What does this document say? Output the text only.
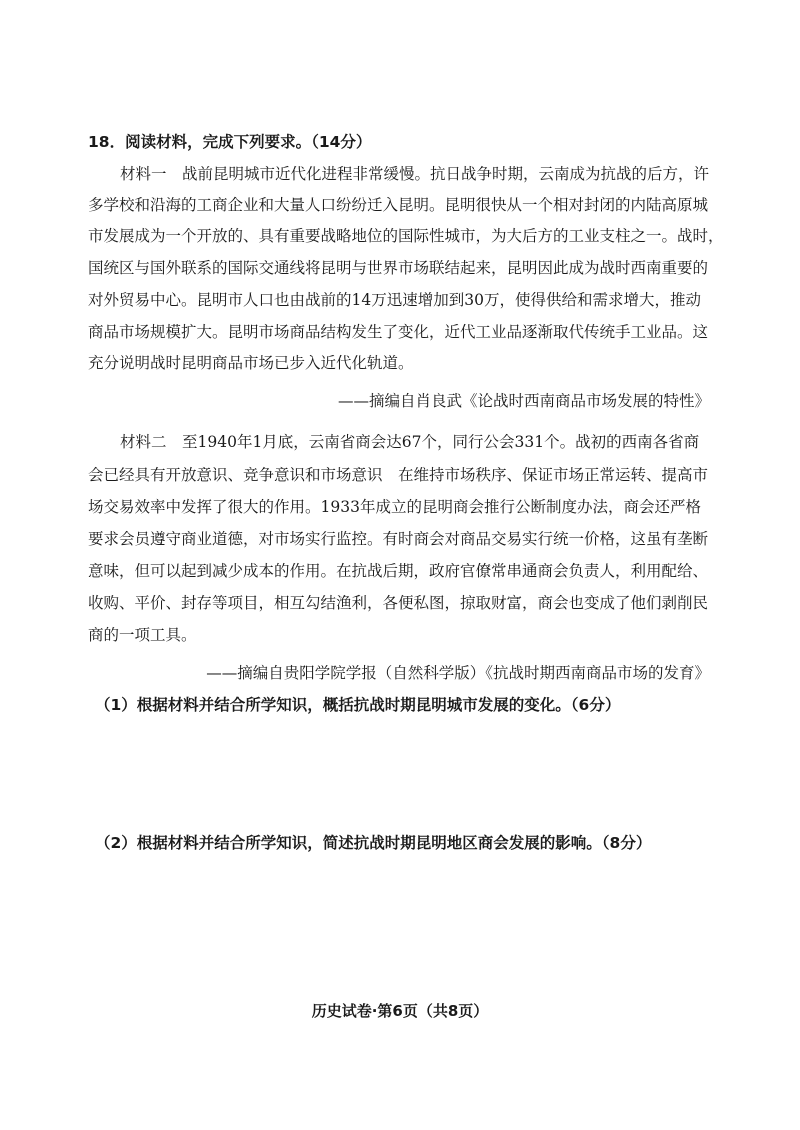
18．阅读材料，完成下列要求。（14分）
材料一　战前昆明城市近代化进程非常缓慢。抗日战争时期，云南成为抗战的后方，许
多学校和沿海的工商企业和大量人口纷纷迁入昆明。昆明很快从一个相对封闭的内陆高原城
市发展成为一个开放的、具有重要战略地位的国际性城市，为大后方的工业支柱之一。战时，
国统区与国外联系的国际交通线将昆明与世界市场联结起来，昆明因此成为战时西南重要的
对外贸易中心。昆明市人口也由战前的14万迅速增加到30万，使得供给和需求增大，推动
商品市场规模扩大。昆明市场商品结构发生了变化，近代工业品逐渐取代传统手工业品。这
充分说明战时昆明商品市场已步入近代化轨道。
——摘编自肖良武《论战时西南商品市场发展的特性》
材料二　至1940年1月底，云南省商会达67个，同行公会331个。战初的西南各省商
会已经具有开放意识、竞争意识和市场意识　在维持市场秩序、保证市场正常运转、提高市
场交易效率中发挥了很大的作用。1933年成立的昆明商会推行公断制度办法，商会还严格
要求会员遵守商业道德，对市场实行监控。有时商会对商品交易实行统一价格，这虽有垄断
意味，但可以起到减少成本的作用。在抗战后期，政府官僚常串通商会负责人，利用配给、
收购、平价、封存等项目，相互勾结渔利，各便私图，掠取财富，商会也变成了他们剥削民
商的一项工具。
——摘编自贵阳学院学报（自然科学版）《抗战时期西南商品市场的发育》
（1）根据材料并结合所学知识，概括抗战时期昆明城市发展的变化。（6分）
（2）根据材料并结合所学知识，简述抗战时期昆明地区商会发展的影响。（8分）
历史试卷·第6页（共8页）
